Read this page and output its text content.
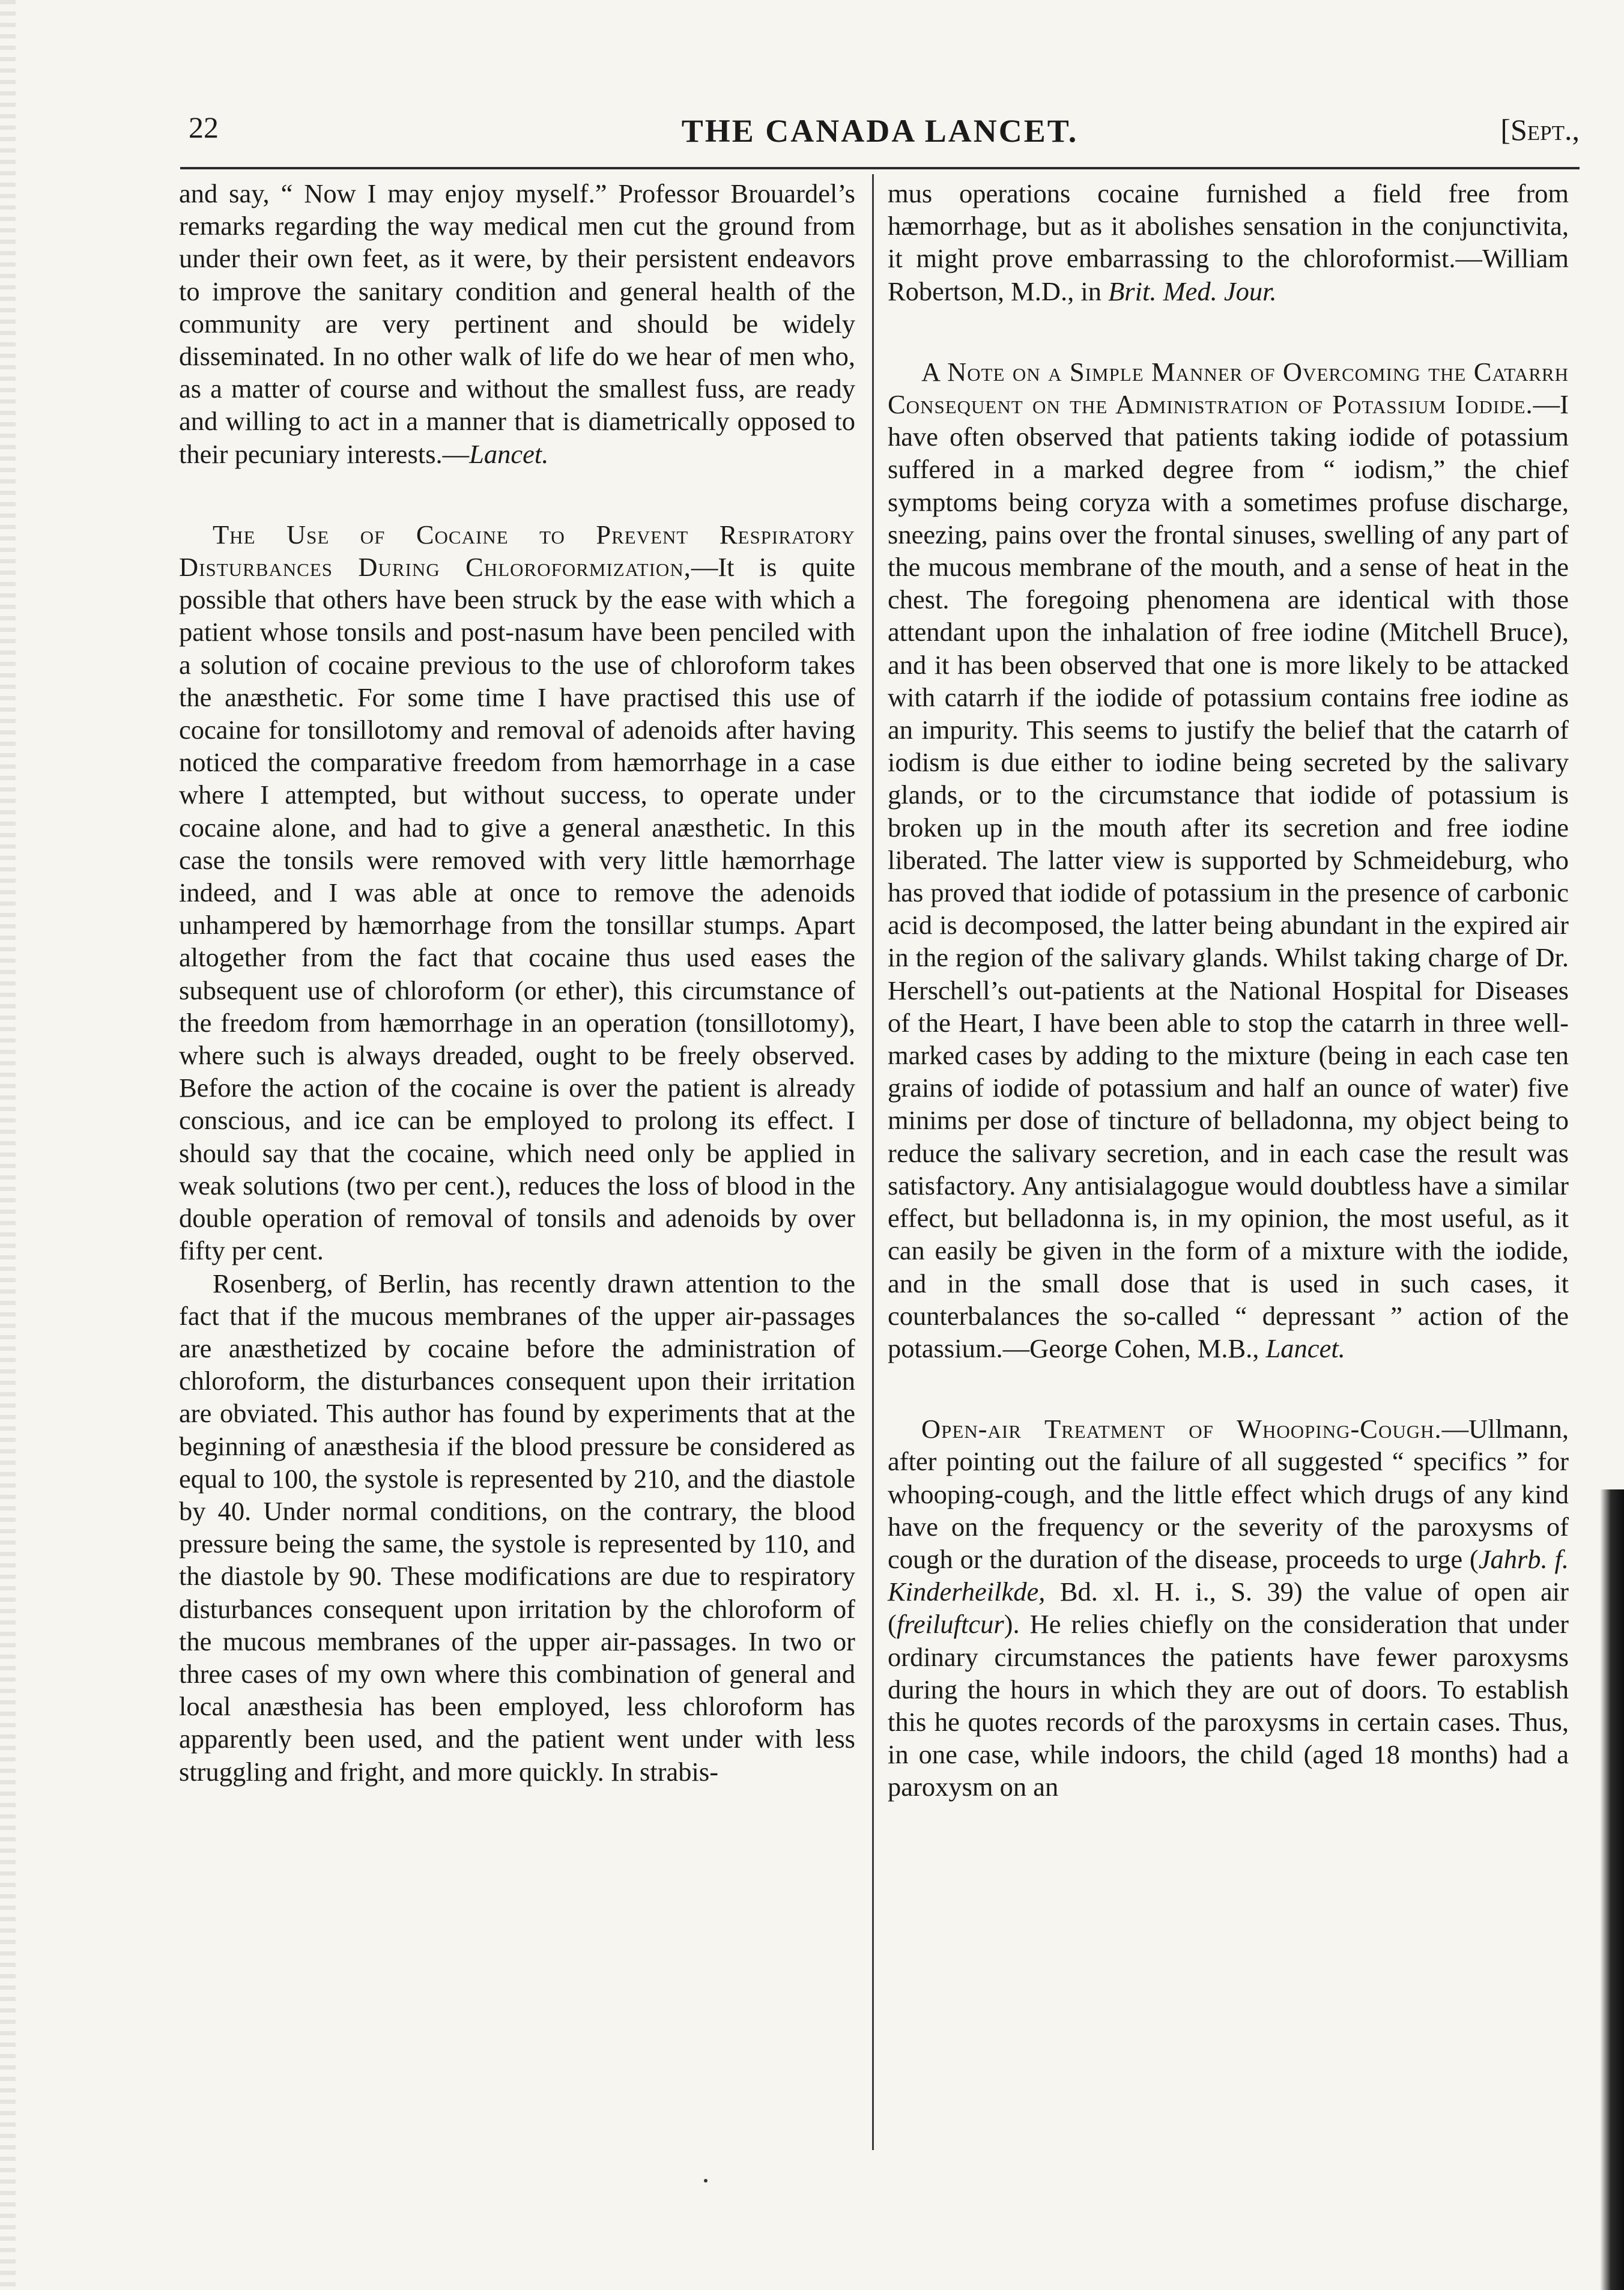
22	THE CANADA LANCET.	[Sept.,

and say, “ Now I may enjoy myself.” Professor Brouardel’s remarks regarding the way medical men cut the ground from under their own feet, as it were, by their persistent endeavors to improve the sanitary condition and general health of the community are very pertinent and should be widely disseminated. In no other walk of life do we hear of men who, as a matter of course and without the smallest fuss, are ready and willing to act in a manner that is diametrically opposed to their pecuniary interests.—Lancet.

The Use of Cocaine to Prevent Respiratory Disturbances During Chloroformization,—It is quite possible that others have been struck by the ease with which a patient whose tonsils and post-nasum have been penciled with a solution of cocaine previous to the use of chloroform takes the anæsthetic. For some time I have practised this use of cocaine for tonsillotomy and removal of adenoids after having noticed the comparative freedom from hæmorrhage in a case where I attempted, but without success, to operate under cocaine alone, and had to give a general anæsthetic. In this case the tonsils were removed with very little hæmorrhage indeed, and I was able at once to remove the adenoids unhampered by hæmorrhage from the tonsillar stumps. Apart altogether from the fact that cocaine thus used eases the subsequent use of chloroform (or ether), this circumstance of the freedom from hæmorrhage in an operation (tonsillotomy), where such is always dreaded, ought to be freely observed. Before the action of the cocaine is over the patient is already conscious, and ice can be employed to prolong its effect. I should say that the cocaine, which need only be applied in weak solutions (two per cent.), reduces the loss of blood in the double operation of removal of tonsils and adenoids by over fifty per cent.

Rosenberg, of Berlin, has recently drawn attention to the fact that if the mucous membranes of the upper air-passages are anæsthetized by cocaine before the administration of chloroform, the disturbances consequent upon their irritation are obviated. This author has found by experiments that at the beginning of anæsthesia if the blood pressure be considered as equal to 100, the systole is represented by 210, and the diastole by 40. Under normal conditions, on the contrary, the blood pressure being the same, the systole is represented by 110, and the diastole by 90. These modifications are due to respiratory disturbances consequent upon irritation by the chloroform of the mucous membranes of the upper air-passages. In two or three cases of my own where this combination of general and local anæsthesia has been employed, less chloroform has apparently been used, and the patient went under with less struggling and fright, and more quickly. In strabis-

mus operations cocaine furnished a field free from hæmorrhage, but as it abolishes sensation in the conjunctivita, it might prove embarrassing to the chloroformist.—William Robertson, M.D., in Brit. Med. Jour.

A Note on a Simple Manner of Overcoming the Catarrh Consequent on the Administration of Potassium Iodide.—I have often observed that patients taking iodide of potassium suffered in a marked degree from “ iodism,” the chief symptoms being coryza with a sometimes profuse discharge, sneezing, pains over the frontal sinuses, swelling of any part of the mucous membrane of the mouth, and a sense of heat in the chest. The foregoing phenomena are identical with those attendant upon the inhalation of free iodine (Mitchell Bruce), and it has been observed that one is more likely to be attacked with catarrh if the iodide of potassium contains free iodine as an impurity. This seems to justify the belief that the catarrh of iodism is due either to iodine being secreted by the salivary glands, or to the circumstance that iodide of potassium is broken up in the mouth after its secretion and free iodine liberated. The latter view is supported by Schmeideburg, who has proved that iodide of potassium in the presence of carbonic acid is decomposed, the latter being abundant in the expired air in the region of the salivary glands. Whilst taking charge of Dr. Herschell’s out-patients at the National Hospital for Diseases of the Heart, I have been able to stop the catarrh in three well-marked cases by adding to the mixture (being in each case ten grains of iodide of potassium and half an ounce of water) five minims per dose of tincture of belladonna, my object being to reduce the salivary secretion, and in each case the result was satisfactory. Any antisialagogue would doubtless have a similar effect, but belladonna is, in my opinion, the most useful, as it can easily be given in the form of a mixture with the iodide, and in the small dose that is used in such cases, it counterbalances the so-called “ depressant ” action of the potassium.—George Cohen, M.B., Lancet.

Open-air Treatment of Whooping-Cough.—Ullmann, after pointing out the failure of all suggested “ specifics ” for whooping-cough, and the little effect which drugs of any kind have on the frequency or the severity of the paroxysms of cough or the duration of the disease, proceeds to urge (Jahrb. f. Kinderheilkde, Bd. xl. H. i., S. 39) the value of open air (freiluftcur). He relies chiefly on the consideration that under ordinary circumstances the patients have fewer paroxysms during the hours in which they are out of doors. To establish this he quotes records of the paroxysms in certain cases. Thus, in one case, while indoors, the child (aged 18 months) had a paroxysm on an
